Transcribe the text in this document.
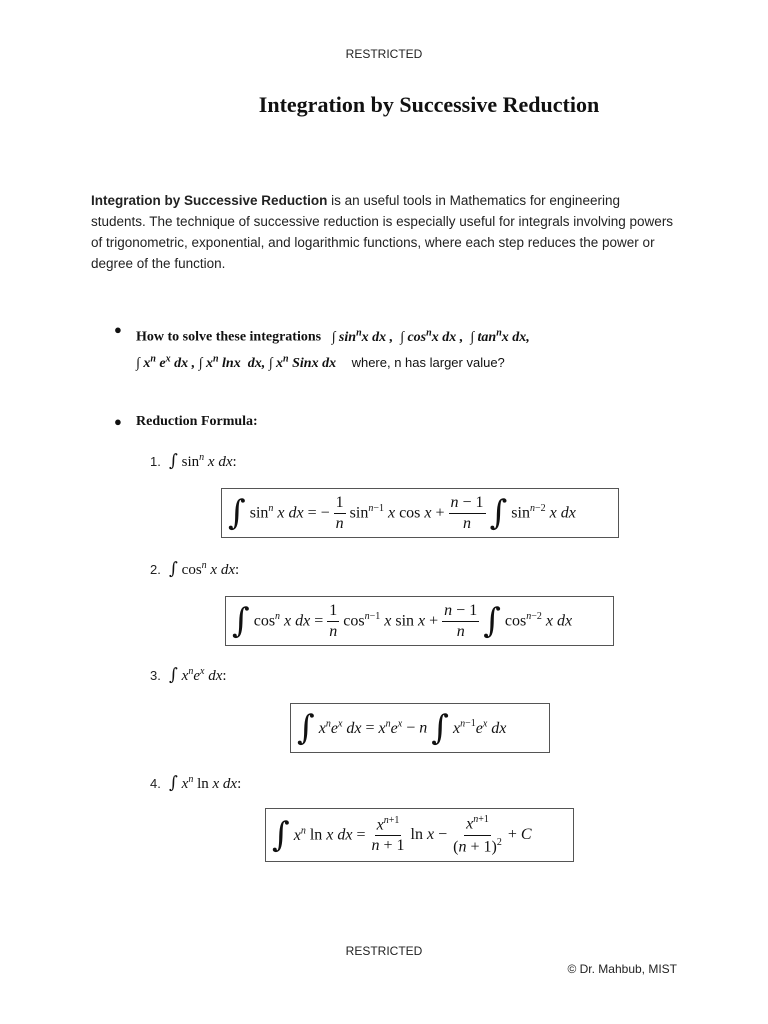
RESTRICTED
Integration by Successive Reduction
Integration by Successive Reduction is an useful tools in Mathematics for engineering students. The technique of successive reduction is especially useful for integrals involving powers of trigonometric, exponential, and logarithmic functions, where each step reduces the power or degree of the function.
●
How to solve these integrations   ∫ $\sin^nx$ dx ,  ∫ $\cos^nx$ dx ,  ∫ $\tan^nx$ dx,
∫ $x^n$ $e^x$ dx , ∫ $x^n$ lnx  dx, ∫ $x^n$ Sinx dx where, n has larger value?
● Reduction Formula:
1. ∫ $\sin^n x$ dx:
∫ $\sin^n x$ dx = − $\frac{1}{n} \sin^{n-1} x$ $\cos x + \frac{n - 1}{n}$ ∫ $\sin^{n-2} x$ dx
2. ∫ $\cos^n x$ dx:
∫ $\cos^n x$ dx = $\frac{1}{n} \cos^{n-1} x$ $\sin x + \frac{n - 1}{n}$ ∫ $\cos^{n-2} x$ dx
3. ∫ $x^ne^x$ dx:
∫ $x^ne^x$ dx = $x^ne^x - n$ ∫ $x^{n-1}e^x$ dx
4. ∫ $x^n$ ln x dx:
∫ $x^n$ ln x dx = $\frac{x^{n+1}}{n + 1}$ $\ln x - \frac{x^{n+1}}{(n + 1)^2} + C$
RESTRICTED
© Dr. Mahbub, MIST
